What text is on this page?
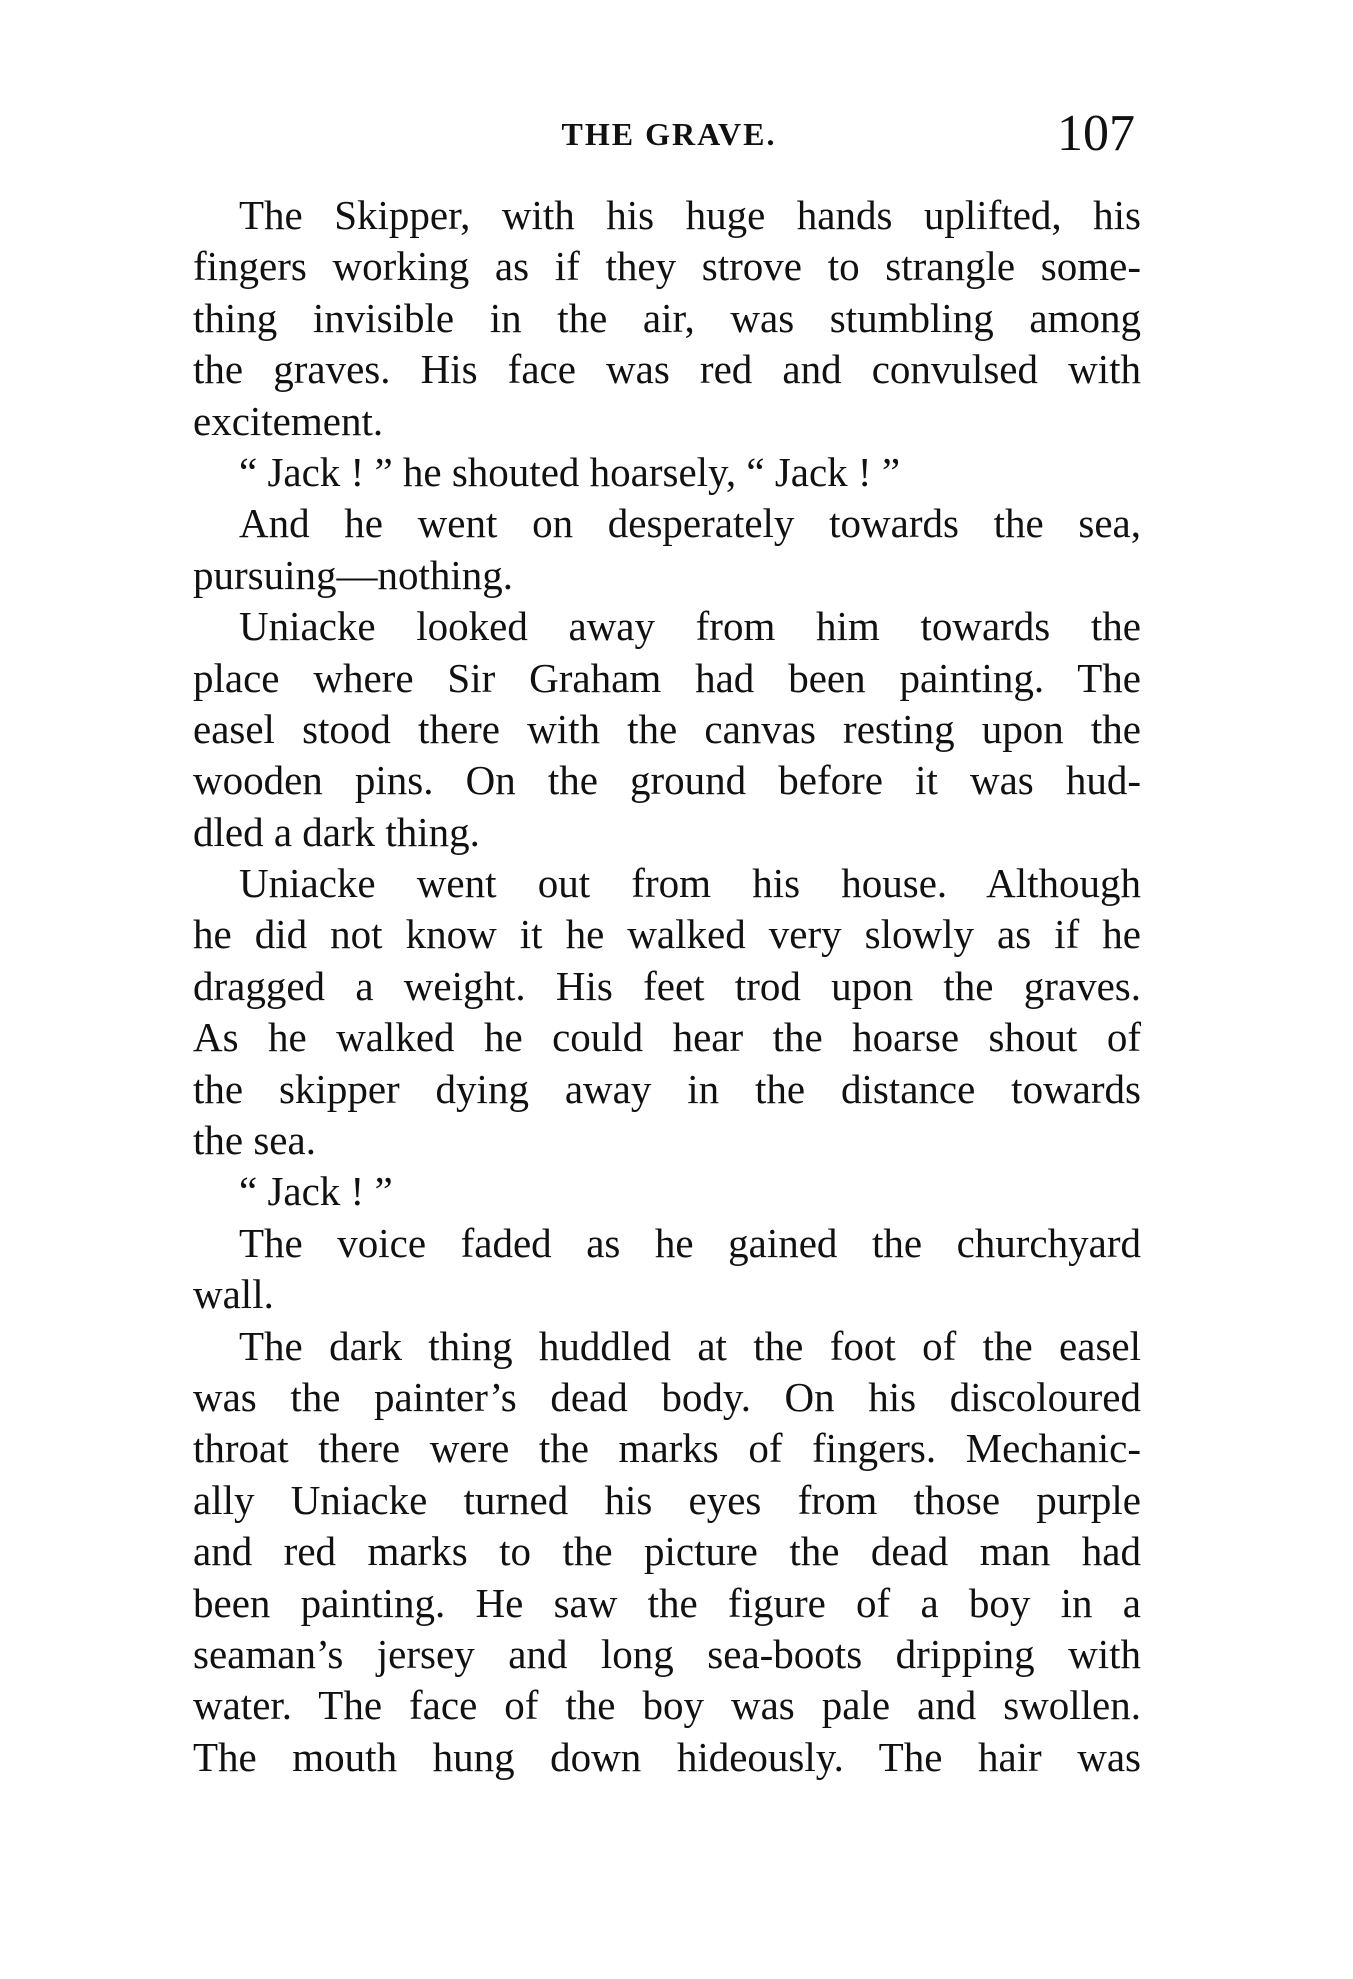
THE GRAVE.	107
The Skipper, with his huge hands uplifted, his
fingers working as if they strove to strangle some-
thing invisible in the air, was stumbling among
the graves. His face was red and convulsed with
excitement.
“ Jack ! ” he shouted hoarsely, “ Jack ! ”
And he went on desperately towards the sea,
pursuing—nothing.
Uniacke looked away from him towards the
place where Sir Graham had been painting. The
easel stood there with the canvas resting upon the
wooden pins. On the ground before it was hud-
dled a dark thing.
Uniacke went out from his house. Although
he did not know it he walked very slowly as if he
dragged a weight. His feet trod upon the graves.
As he walked he could hear the hoarse shout of
the skipper dying away in the distance towards
the sea.
“ Jack ! ”
The voice faded as he gained the churchyard
wall.
The dark thing huddled at the foot of the easel
was the painter’s dead body. On his discoloured
throat there were the marks of fingers. Mechanic-
ally Uniacke turned his eyes from those purple
and red marks to the picture the dead man had
been painting. He saw the figure of a boy in a
seaman’s jersey and long sea-boots dripping with
water. The face of the boy was pale and swollen.
The mouth hung down hideously. The hair was
